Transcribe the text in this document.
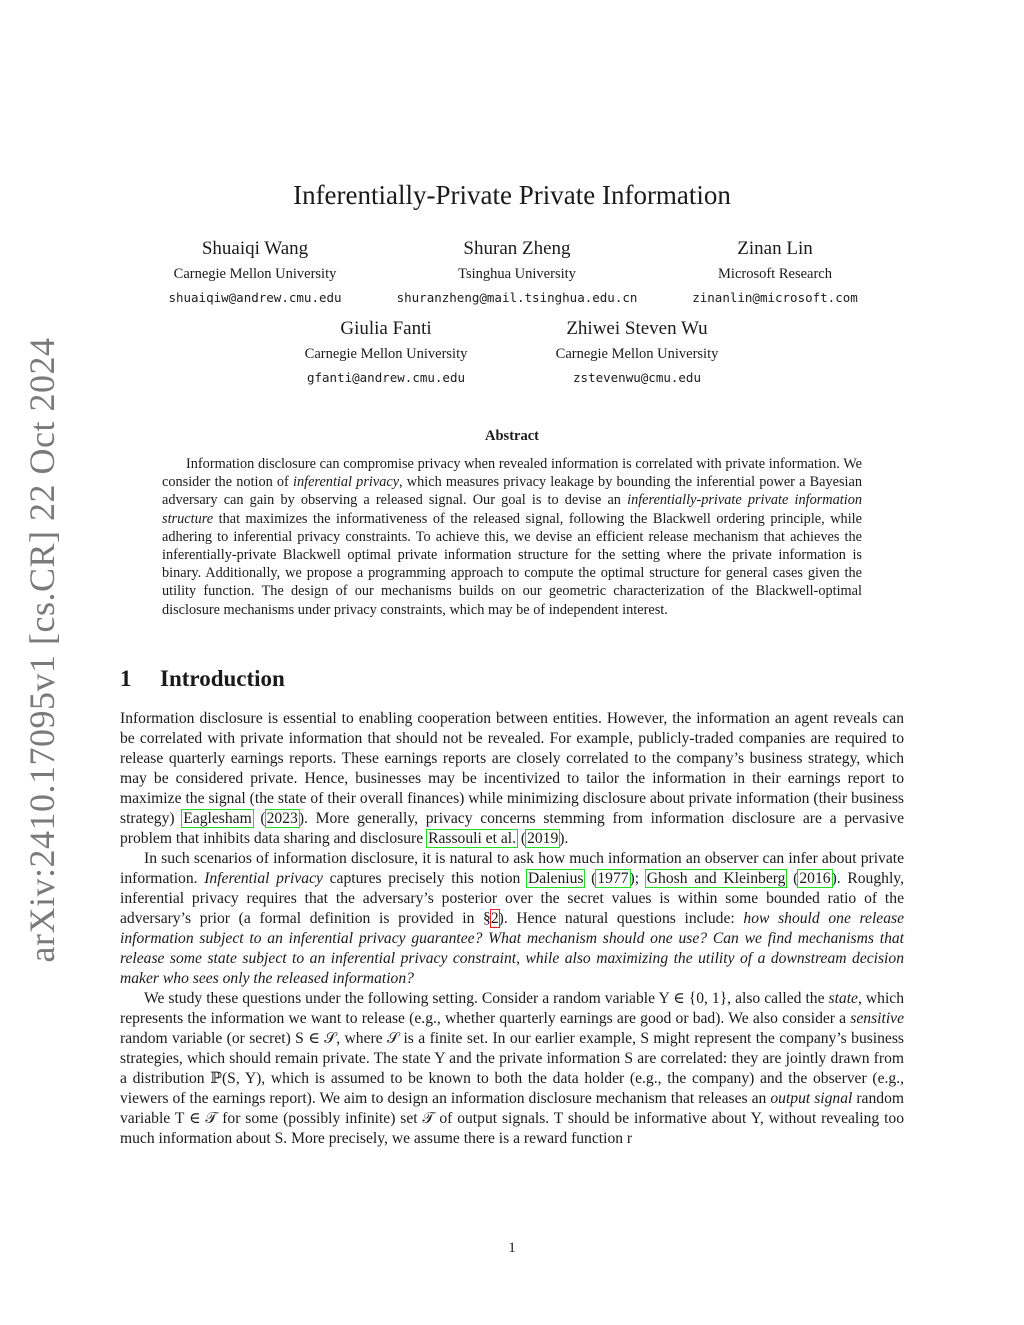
arXiv:2410.17095v1 [cs.CR] 22 Oct 2024
Inferentially-Private Private Information
Shuaiqi Wang
Carnegie Mellon University
shuaiqiw@andrew.cmu.edu
Shuran Zheng
Tsinghua University
shuranzheng@mail.tsinghua.edu.cn
Zinan Lin
Microsoft Research
zinanlin@microsoft.com
Giulia Fanti
Carnegie Mellon University
gfanti@andrew.cmu.edu
Zhiwei Steven Wu
Carnegie Mellon University
zstevenwu@cmu.edu
Abstract
Information disclosure can compromise privacy when revealed information is correlated with private information. We consider the notion of inferential privacy, which measures privacy leakage by bounding the inferential power a Bayesian adversary can gain by observing a released signal. Our goal is to devise an inferentially-private private information structure that maximizes the informativeness of the released signal, following the Blackwell ordering principle, while adhering to inferential privacy constraints. To achieve this, we devise an efficient release mechanism that achieves the inferentially-private Blackwell optimal private information structure for the setting where the private information is binary. Additionally, we propose a programming approach to compute the optimal structure for general cases given the utility function. The design of our mechanisms builds on our geometric characterization of the Blackwell-optimal disclosure mechanisms under privacy constraints, which may be of independent interest.
1 Introduction

Information disclosure is essential to enabling cooperation between entities. However, the information an agent reveals can be correlated with private information that should not be revealed. For example, publicly-traded companies are required to release quarterly earnings reports. These earnings reports are closely correlated to the company’s business strategy, which may be considered private. Hence, businesses may be incentivized to tailor the information in their earnings report to maximize the signal (the state of their overall finances) while minimizing disclosure about private information (their business strategy) Eaglesham (2023). More generally, privacy concerns stemming from information disclosure are a pervasive problem that inhibits data sharing and disclosure Rassouli et al. (2019).

In such scenarios of information disclosure, it is natural to ask how much information an observer can infer about private information. Inferential privacy captures precisely this notion Dalenius (1977); Ghosh and Kleinberg (2016). Roughly, inferential privacy requires that the adversary’s posterior over the secret values is within some bounded ratio of the adversary’s prior (a formal definition is provided in §2). Hence natural questions include: how should one release information subject to an inferential privacy guarantee? What mechanism should one use? Can we find mechanisms that release some state subject to an inferential privacy constraint, while also maximizing the utility of a downstream decision maker who sees only the released information?

We study these questions under the following setting. Consider a random variable Y ∈ {0, 1}, also called the state, which represents the information we want to release (e.g., whether quarterly earnings are good or bad). We also consider a sensitive random variable (or secret) S ∈ 𝒮, where 𝒮 is a finite set. In our earlier example, S might represent the company’s business strategies, which should remain private. The state Y and the private information S are correlated: they are jointly drawn from a distribution ℙ(S, Y), which is assumed to be known to both the data holder (e.g., the company) and the observer (e.g., viewers of the earnings report). We aim to design an information disclosure mechanism that releases an output signal random variable T ∈ 𝒯 for some (possibly infinite) set 𝒯 of output signals. T should be informative about Y, without revealing too much information about S. More precisely, we assume there is a reward function r

1
